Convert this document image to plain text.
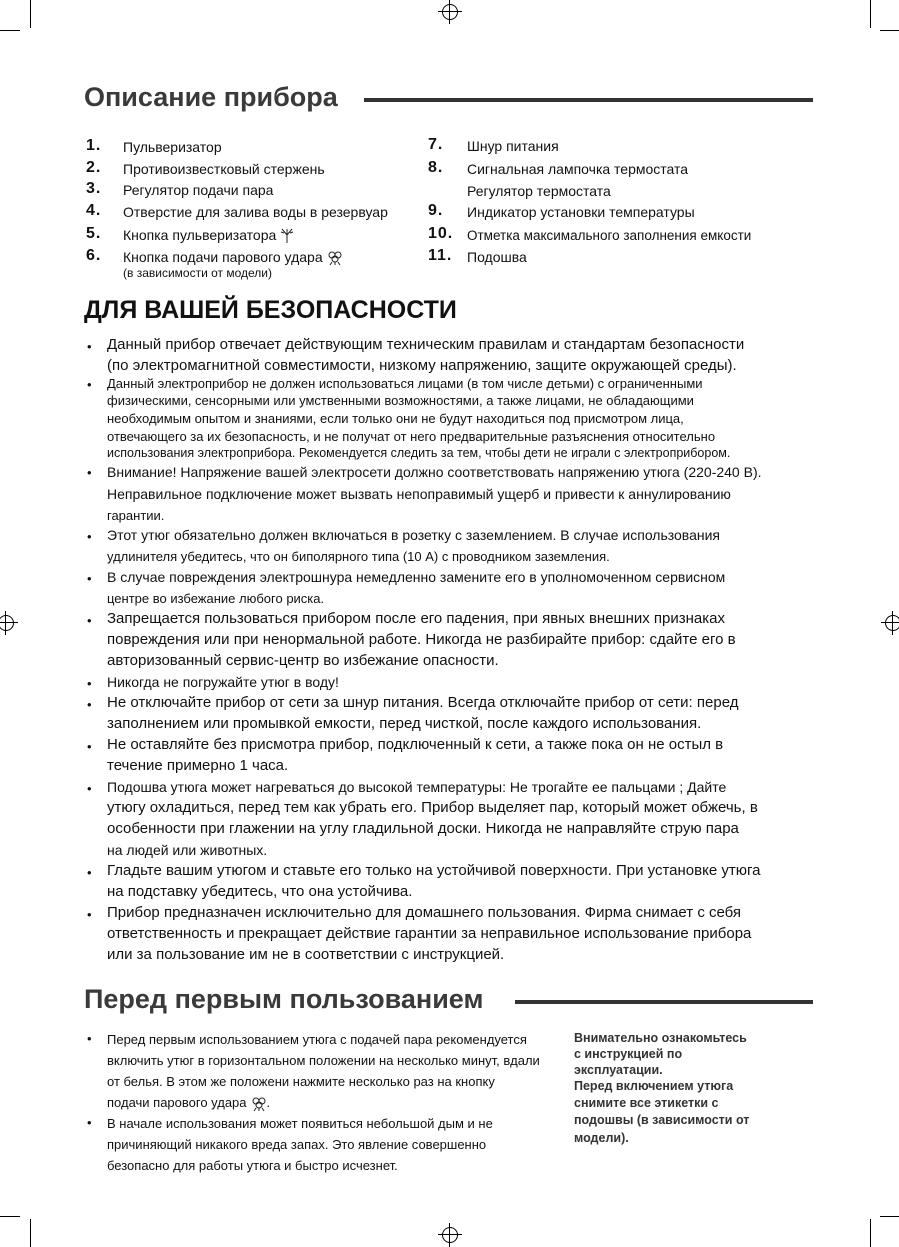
Описание прибора
1. Пульверизатор
2. Противоизвестковый стержень
3. Регулятор подачи пара
4. Отверстие для залива воды в резервуар
5. Кнопка пульверизатора
6. Кнопка подачи парового удара
(в зависимости от модели)
7. Шнур питания
8. Сигнальная лампочка термостата
Регулятор термостата
9. Индикатор установки температуры
10. Отметка максимального заполнения емкости
11. Подошва
ДЛЯ ВАШЕЙ БЕЗОПАСНОСТИ
•
•
•
•
•
•
•
•
•
•
•
•
Данный прибор отвечает действующим техническим правилам и стандартам безопасности
(по электромагнитной совместимости, низкому напряжению, защите окружающей среды).
Данный электроприбор не должен использоваться лицами (в том числе детьми) с ограниченными
физическими, сенсорными или умственными возможностями, а также лицами, не обладающими
необходимым опытом и знаниями, если только они не будут находиться под присмотром лица,
отвечающего за их безопасность, и не получат от него предварительные разъяснения относительно
использования электроприбора. Рекомендуется следить за тем, чтобы дети не играли с электроприбором.
Внимание! Напряжение вашей электросети должно соответствовать напряжению утюга (220-240 В).
Неправильное подключение может вызвать непоправимый ущерб и привести к аннулированию
гарантии.
Этот утюг обязательно должен включаться в розетку с заземлением. В случае использования
удлинителя убедитесь, что он биполярного типа (10 А) с проводником заземления.
В случае повреждения электрошнура немедленно замените его в уполномоченном сервисном
центре во избежание любого риска.
Запрещается пользоваться прибором после его падения, при явных внешних признаках
повреждения или при ненормальной работе. Никогда не разбирайте прибор: сдайте его в
авторизованный сервис-центр во избежание опасности.
Никогда не погружайте утюг в воду!
Не отключайте прибор от сети за шнур питания. Всегда отключайте прибор от сети: перед
заполнением или промывкой емкости, перед чисткой, после каждого использования.
Не оставляйте без присмотра прибор, подключенный к сети, а также пока он не остыл в
течение примерно 1 часа.
Подошва утюга может нагреваться до высокой температуры: Не трогайте ее пальцами ; Дайте
утюгу охладиться, перед тем как убрать его. Прибор выделяет пар, который может обжечь, в
особенности при глажении на углу гладильной доски. Никогда не направляйте струю пара
на людей или животных.
Гладьте вашим утюгом и ставьте его только на устойчивой поверхности. При установке утюга
на подставку убедитесь, что она устойчива.
Прибор предназначен исключительно для домашнего пользования. Фирма снимает с себя
ответственность и прекращает действие гарантии за неправильное использование прибора
или за пользование им не в соответствии с инструкцией.
Перед первым пользованием
•
•
Перед первым использованием утюга с подачей пара рекомендуется
включить утюг в горизонтальном положении на несколько минут, вдали
от белья. В этом же положени нажмите несколько раз на кнопку
подачи парового удара .
В начале использования может появиться небольшой дым и не
причиняющий никакого вреда запах. Это явление совершенно
безопасно для работы утюга и быстро исчезнет.
Внимательно ознакомьтесь
с инструкцией по
эксплуатации.
Перед включением утюга
снимите все этикетки с
подошвы (в зависимости от
модели).
